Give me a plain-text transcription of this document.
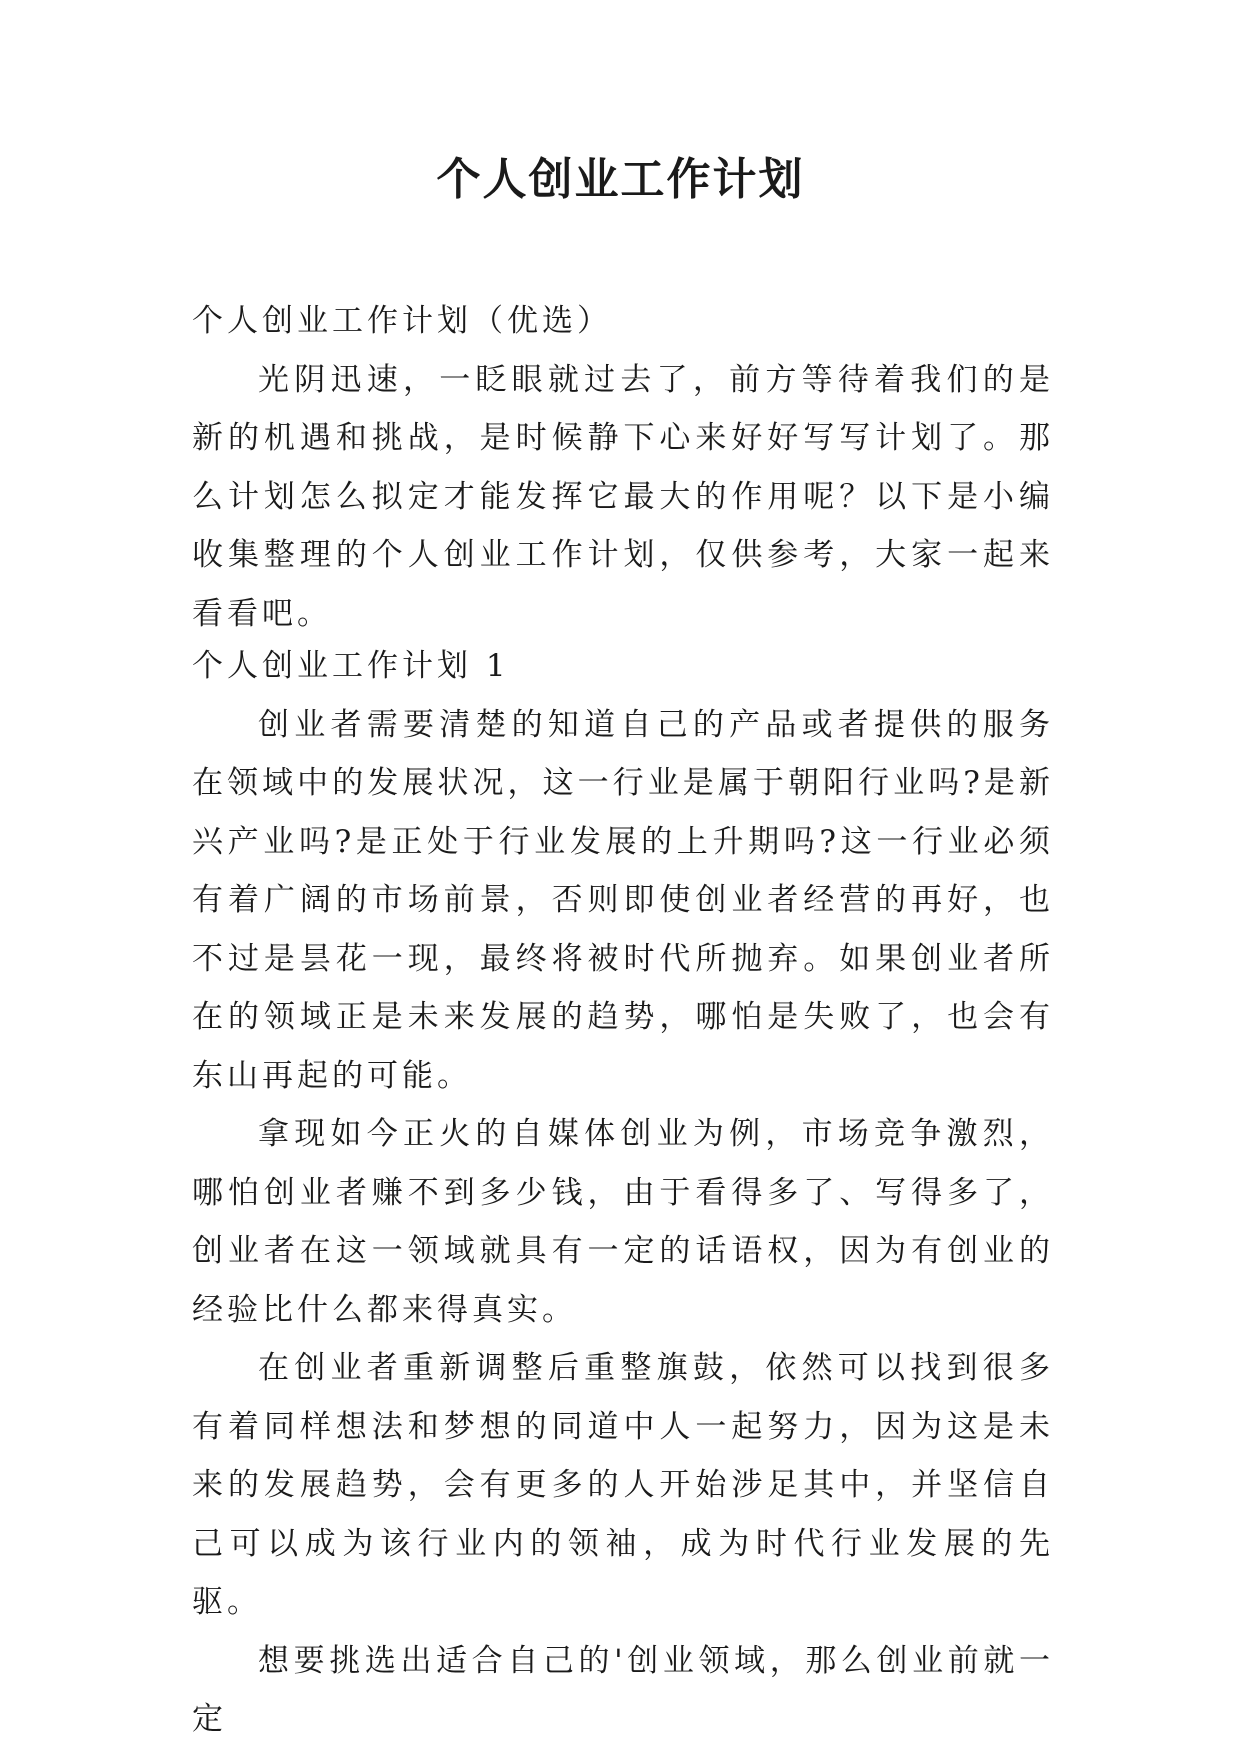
个人创业工作计划

个人创业工作计划（优选）

光阴迅速，一眨眼就过去了，前方等待着我们的是新的机遇和挑战，是时候静下心来好好写写计划了。那么计划怎么拟定才能发挥它最大的作用呢？以下是小编收集整理的个人创业工作计划，仅供参考，大家一起来看看吧。

个人创业工作计划 1

创业者需要清楚的知道自己的产品或者提供的服务在领域中的发展状况，这一行业是属于朝阳行业吗?是新兴产业吗?是正处于行业发展的上升期吗?这一行业必须有着广阔的市场前景，否则即使创业者经营的再好，也不过是昙花一现，最终将被时代所抛弃。如果创业者所在的领域正是未来发展的趋势，哪怕是失败了，也会有东山再起的可能。

拿现如今正火的自媒体创业为例，市场竞争激烈，哪怕创业者赚不到多少钱，由于看得多了、写得多了，创业者在这一领域就具有一定的话语权，因为有创业的经验比什么都来得真实。

在创业者重新调整后重整旗鼓，依然可以找到很多有着同样想法和梦想的同道中人一起努力，因为这是未来的发展趋势，会有更多的人开始涉足其中，并坚信自己可以成为该行业内的领袖，成为时代行业发展的先驱。

想要挑选出适合自己的'创业领域，那么创业前就一定
